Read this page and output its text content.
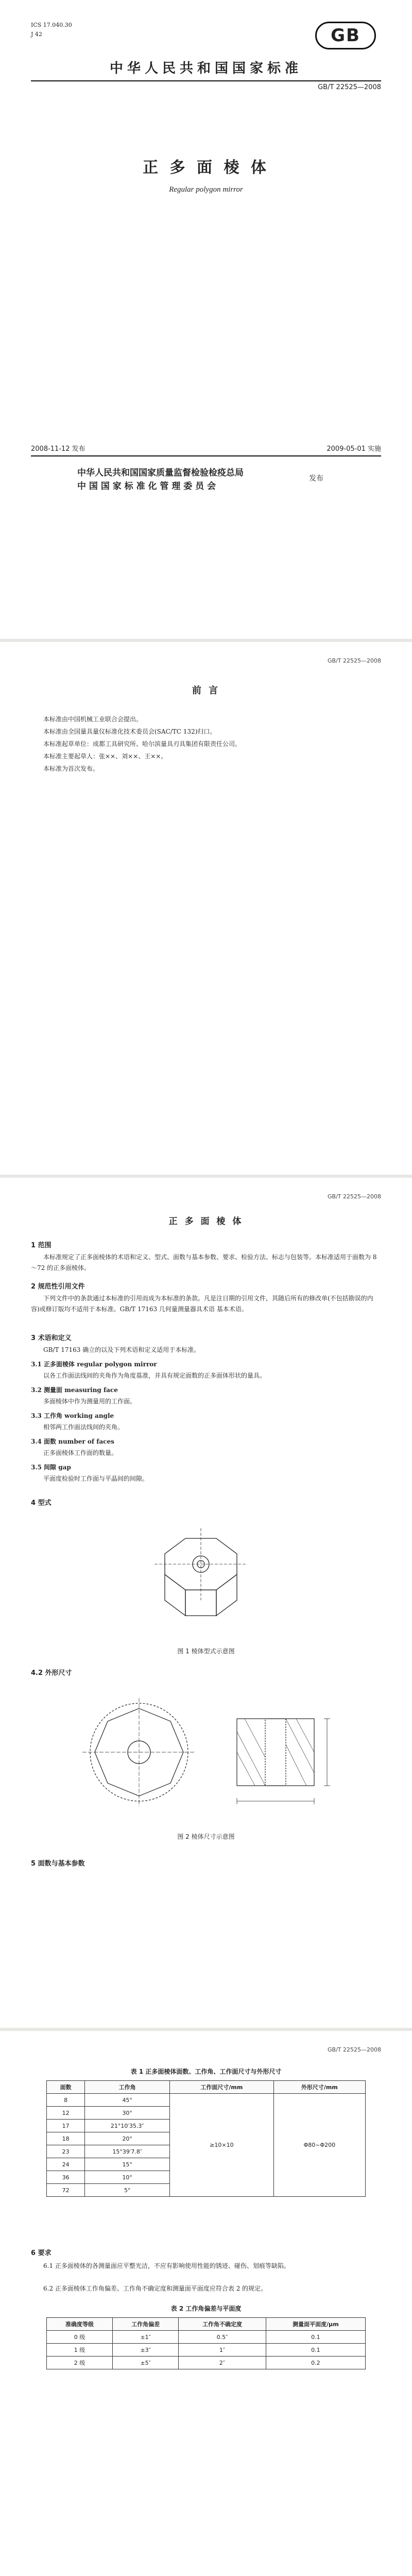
ICS 17.040.30
J 42	GB
中华人民共和国国家标准
GB/T 22525—2008
正 多 面 棱 体
Regular polygon mirror
2008-11-12 发布	2009-05-01 实施
中华人民共和国国家质量监督检验检疫总局
中 国 国 家 标 准 化 管 理 委 员 会
发布
GB/T 22525—2008
前 言
本标准由中国机械工业联合会提出。
本标准由全国量具量仪标准化技术委员会(SAC/TC 132)归口。
本标准起草单位：成都工具研究所、哈尔滨量具刃具集团有限责任公司。
本标准主要起草人：张××、刘××、王××。
本标准为首次发布。
GB/T 22525—2008
正 多 面 棱 体
1 范围
本标准规定了正多面棱体的术语和定义、型式、面数与基本参数、要求、检验方法、标志与包装等。本标准适用于面数为 8～72 的正多面棱体。
2 规范性引用文件
下列文件中的条款通过本标准的引用而成为本标准的条款。凡是注日期的引用文件，其随后所有的修改单(不包括勘误的内容)或修订版均不适用于本标准。GB/T 17163 几何量测量器具术语 基本术语。
3 术语和定义
GB/T 17163 确立的以及下列术语和定义适用于本标准。
3.1 正多面棱体 regular polygon mirror
以各工作面法线间的夹角作为角度基准，并具有规定面数的正多面体形状的量具。
3.2 测量面 measuring face
多面棱体中作为测量用的工作面。
3.3 工作角 working angle
相邻两工作面法线间的夹角。
3.4 面数 number of faces
正多面棱体工作面的数量。
3.5 间隙 gap
平面度检验时工作面与平晶间的间隙。
4 型式
图 1 棱体型式示意图
4.2 外形尺寸
图 2 棱体尺寸示意图
5 面数与基本参数
GB/T 22525—2008
表 1 正多面棱体面数、工作角、工作面尺寸与外形尺寸
面数	工作角	工作面尺寸/mm	外形尺寸/mm
8	45°	≥10×10	Φ80~Φ200
12	30°		
17	21°10′35.3″		
18	20°		
23	15°39′7.8″		
24	15°		
36	10°		
72	5°		
6 要求
6.1 正多面棱体的各测量面应平整光洁，不应有影响使用性能的锈迹、碰伤、划痕等缺陷。
6.2 正多面棱体工作角偏差、工作角不确定度和测量面平面度应符合表 2 的规定。
表 2 工作角偏差与平面度
准确度等级	工作角偏差	工作角不确定度	测量面平面度/μm
0 级	±1″	0.5″	0.1
1 级	±3″	1″	0.1
2 级	±5″	2″	0.2
